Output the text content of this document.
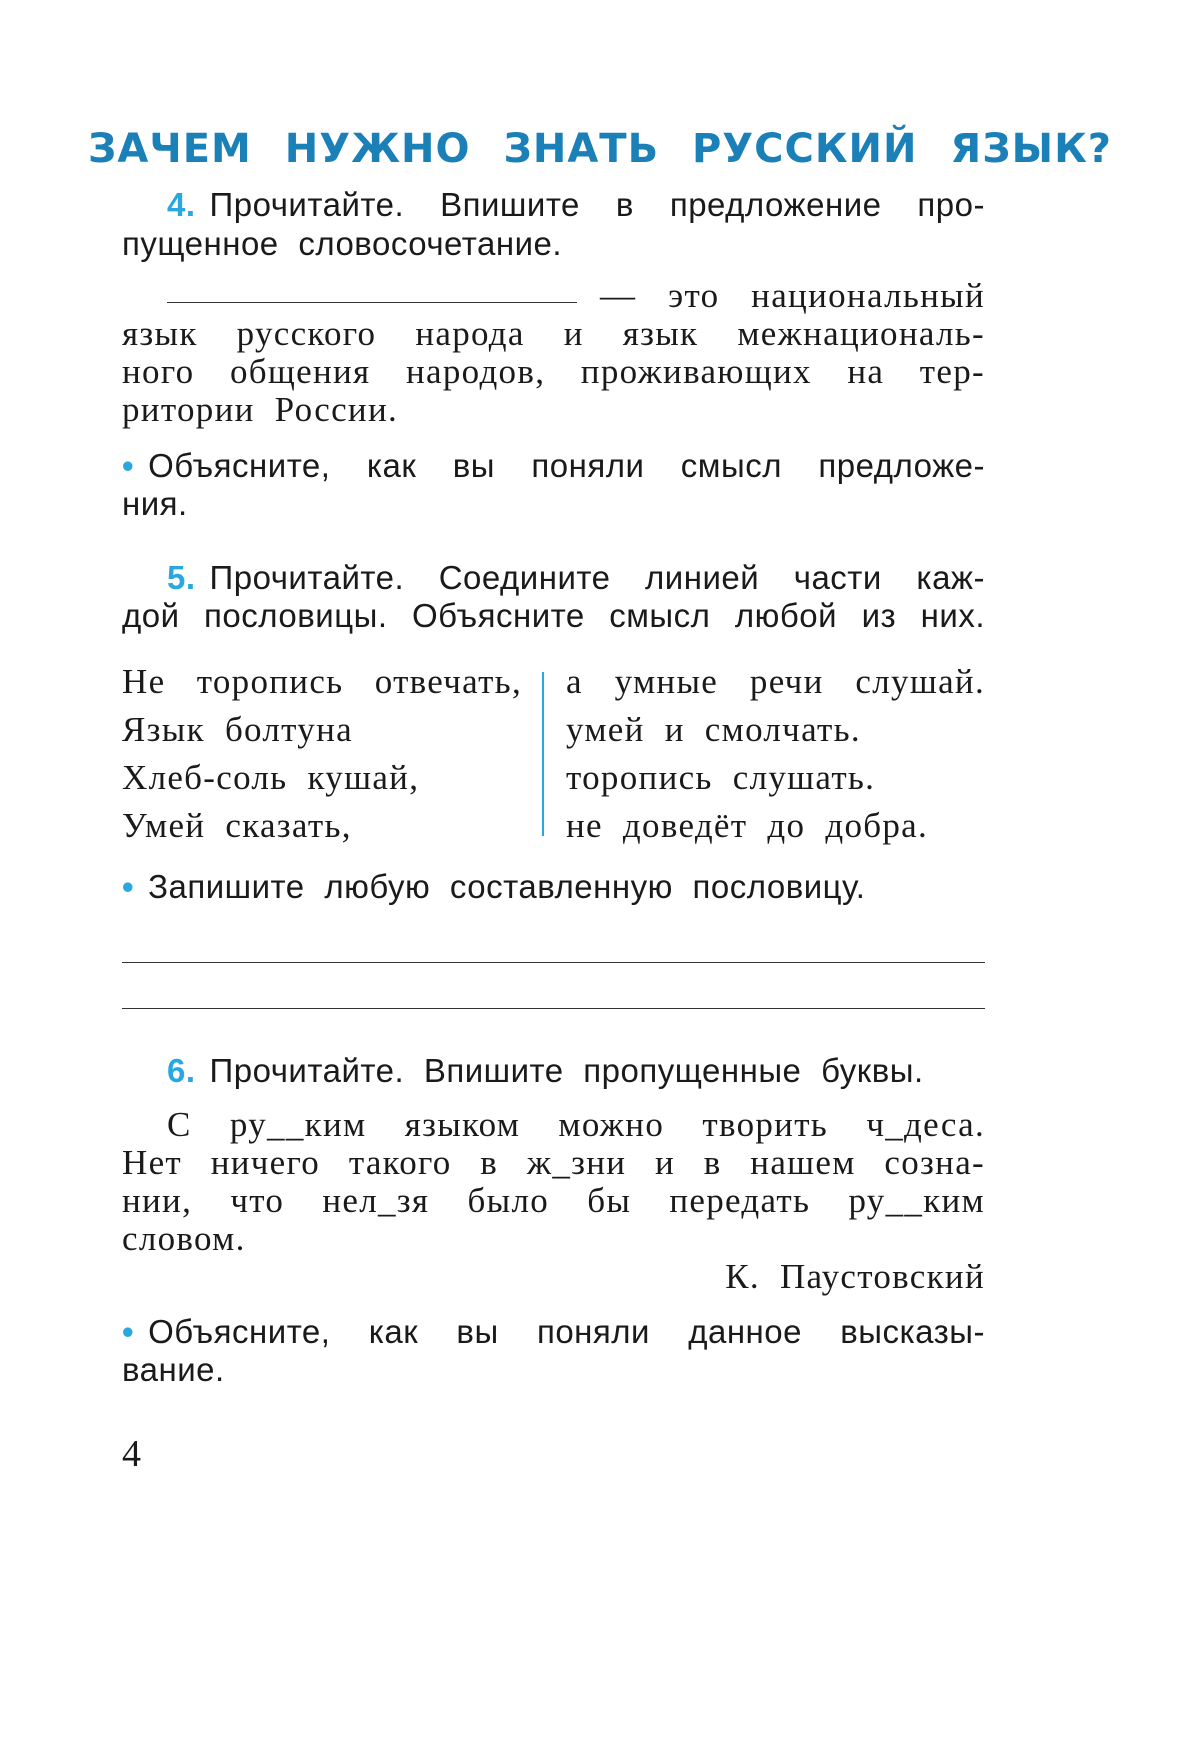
ЗАЧЕМ НУЖНО ЗНАТЬ РУССКИЙ ЯЗЫК?
4. Прочитайте. Впишите в предложение про-
пущенное словосочетание.
— это национальный
язык русского народа и язык межнациональ-
ного общения народов, проживающих на тер-
ритории России.
• Объясните, как вы поняли смысл предложе-
ния.
5. Прочитайте. Соедините линией части каж-
дой пословицы. Объясните смысл любой из них.
Не торопись отвечать,
Язык болтуна
Хлеб-соль кушай,
Умей сказать,
а умные речи слушай.
умей и смолчать.
торопись слушать.
не доведёт до добра.
• Запишите любую составленную пословицу.
6. Прочитайте. Впишите пропущенные буквы.
С ру__ким языком можно творить ч_деса.
Нет ничего такого в ж_зни и в нашем созна-
нии, что нел_зя было бы передать ру__ким
словом.
К. Паустовский
• Объясните, как вы поняли данное высказы-
вание.
4
